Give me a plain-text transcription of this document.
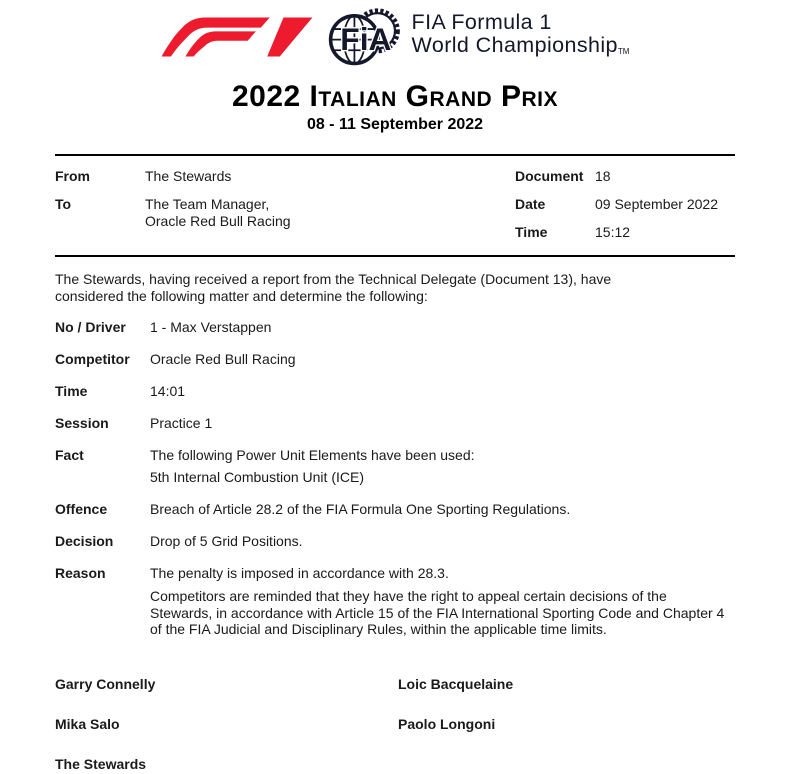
FiA FIA Formula 1
World ChampionshipTM
2022 Italian Grand Prix
08 - 11 September 2022
From	The Stewards
To	The Team Manager,
Oracle Red Bull Racing
Document 18
Date	09 September 2022
Time	15:12
The Stewards, having received a report from the Technical Delegate (Document 13), have considered the following matter and determine the following:
No / Driver	1 - Max Verstappen
Competitor	Oracle Red Bull Racing
Time	14:01
Session	Practice 1
Fact	The following Power Unit Elements have been used:
5th Internal Combustion Unit (ICE)
Offence	Breach of Article 28.2 of the FIA Formula One Sporting Regulations.
Decision	Drop of 5 Grid Positions.
Reason	The penalty is imposed in accordance with 28.3.
Competitors are reminded that they have the right to appeal certain decisions of the Stewards, in accordance with Article 15 of the FIA International Sporting Code and Chapter 4 of the FIA Judicial and Disciplinary Rules, within the applicable time limits.
Garry Connelly	Loic Bacquelaine
Mika Salo	Paolo Longoni
The Stewards
